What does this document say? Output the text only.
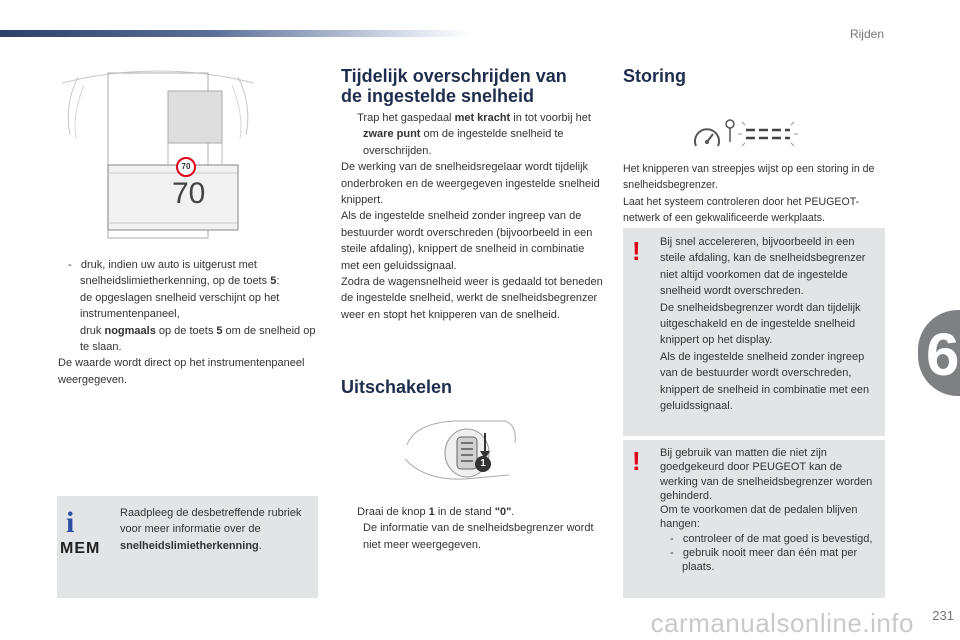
Rijden
6
carmanualsonline.info 231
70
70

- druk, indien uw auto is uitgerust met snelheidslimietherkenning, op de toets 5:

de opgeslagen snelheid verschijnt op het instrumentenpaneel,

druk nogmaals op de toets 5 om de snelheid op te slaan.

De waarde wordt direct op het instrumentenpaneel weergegeven.

i
MEM

Raadpleeg de desbetreffende rubriek voor meer informatie over de snelheidslimietherkenning.

Tijdelijk overschrijden van
de ingestelde snelheid

Trap het gaspedaal met kracht in tot voorbij het zware punt om de ingestelde snelheid te overschrijden.

De werking van de snelheidsregelaar wordt tijdelijk onderbroken en de weergegeven ingestelde snelheid knippert.

Als de ingestelde snelheid zonder ingreep van de bestuurder wordt overschreden (bijvoorbeeld in een steile afdaling), knippert de snelheid in combinatie met een geluidssignaal.

Zodra de wagensnelheid weer is gedaald tot beneden de ingestelde snelheid, werkt de snelheidsbegrenzer weer en stopt het knipperen van de snelheid.

Uitschakelen
1

Draai de knop 1 in de stand "0".

De informatie van de snelheidsbegrenzer wordt niet meer weergegeven.

Storing

Het knipperen van streepjes wijst op een storing in de snelheidsbegrenzer.

Laat het systeem controleren door het PEUGEOT-netwerk of een gekwalificeerde werkplaats.

! Bij snel accelereren, bijvoorbeeld in een steile afdaling, kan de snelheidsbegrenzer niet altijd voorkomen dat de ingestelde snelheid wordt overschreden.

De snelheidsbegrenzer wordt dan tijdelijk uitgeschakeld en de ingestelde snelheid knippert op het display.

Als de ingestelde snelheid zonder ingreep van de bestuurder wordt overschreden, knippert de snelheid in combinatie met een geluidssignaal.

! Bij gebruik van matten die niet zijn goedgekeurd door PEUGEOT kan de werking van de snelheidsbegrenzer worden gehinderd.

Om te voorkomen dat de pedalen blijven hangen:

- controleer of de mat goed is bevestigd,

- gebruik nooit meer dan één mat per plaats.
